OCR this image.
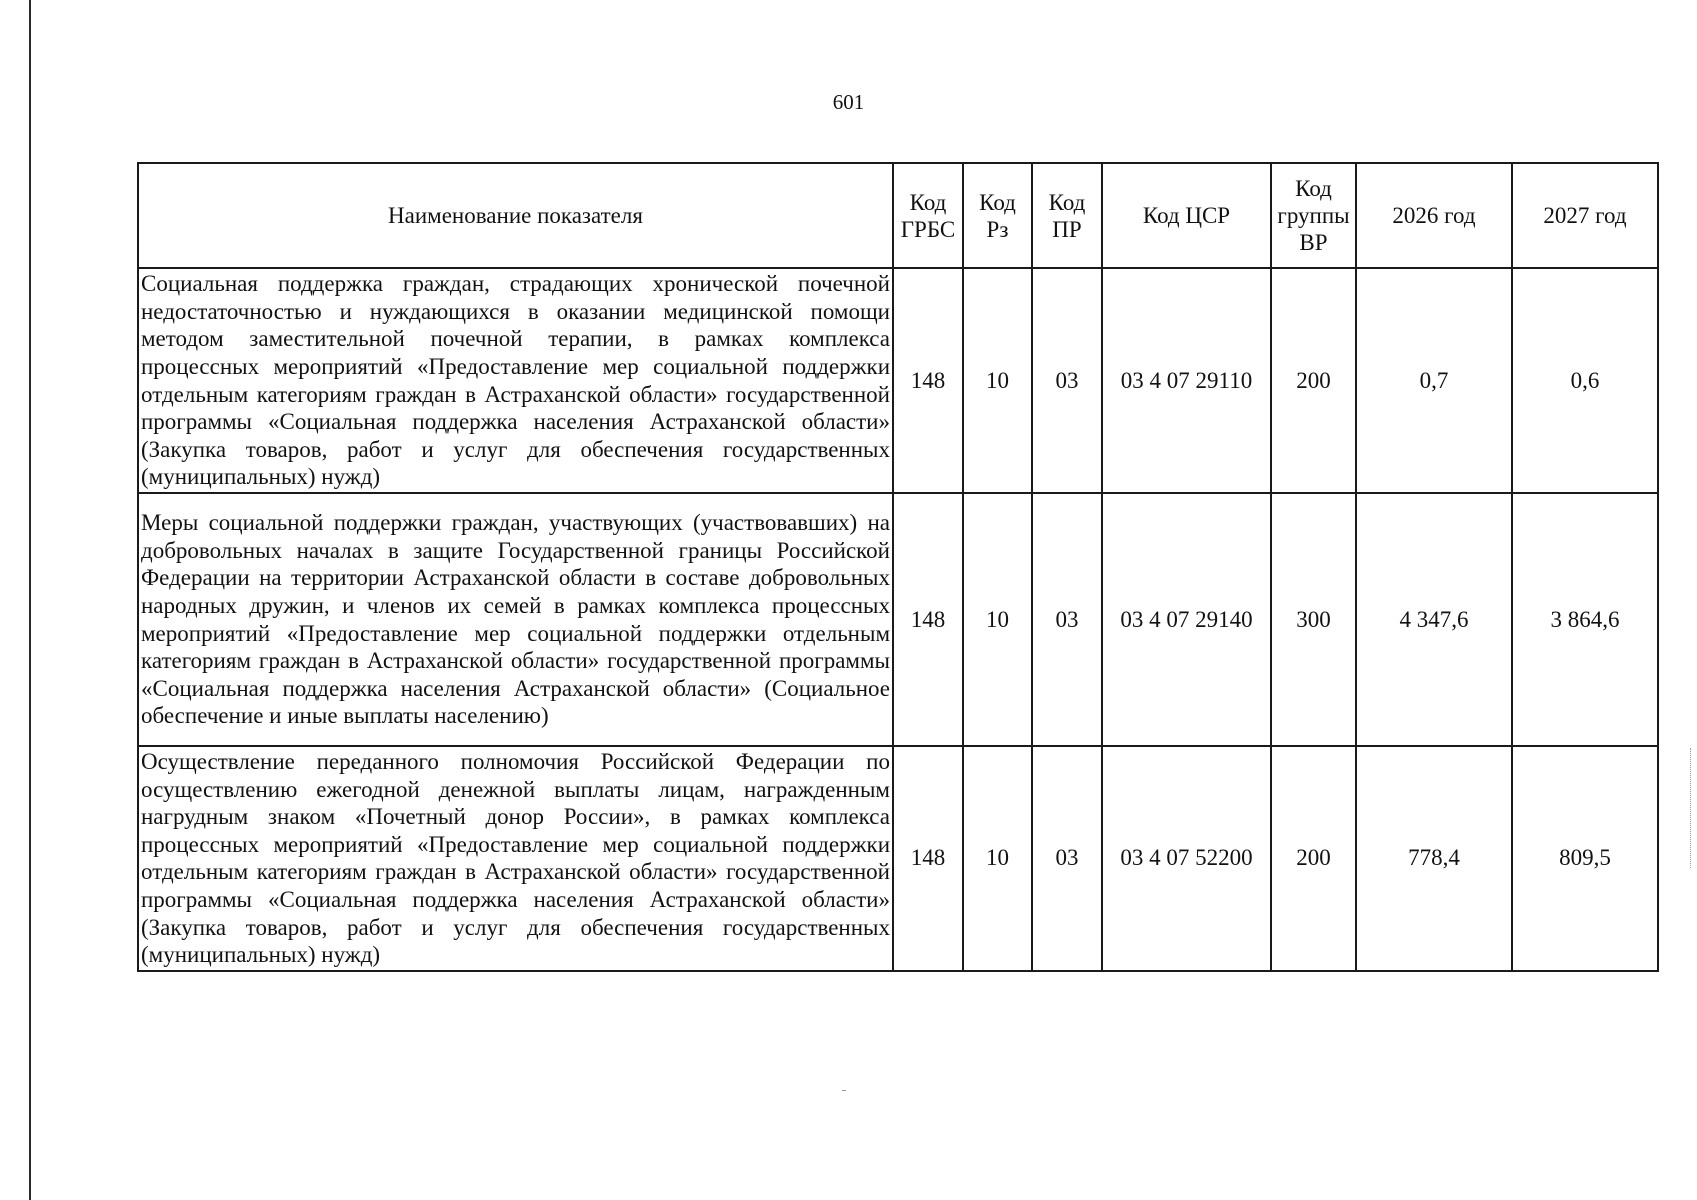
601
Наименование показателя	Код ГРБС	Код Рз	Код ПР	Код ЦСР	Код группы ВР	2026 год	2027 год
Социальная поддержка граждан, страдающих хронической почечной недостаточностью и нуждающихся в оказании медицинской помощи методом заместительной почечной терапии, в рамках комплекса процессных мероприятий «Предоставление мер социальной поддержки отдельным категориям граждан в Астраханской области» государственной программы «Социальная поддержка населения Астраханской области» (Закупка товаров, работ и услуг для обеспечения государственных (муниципальных) нужд)	148	10	03	03 4 07 29110	200	0,7	0,6
Меры социальной поддержки граждан, участвующих (участвовавших) на добровольных началах в защите Государственной границы Российской Федерации на территории Астраханской области в составе добровольных народных дружин, и членов их семей в рамках комплекса процессных мероприятий «Предоставление мер социальной поддержки отдельным категориям граждан в Астраханской области» государственной программы «Социальная поддержка населения Астраханской области» (Социальное обеспечение и иные выплаты населению)	148	10	03	03 4 07 29140	300	4 347,6	3 864,6
Осуществление переданного полномочия Российской Федерации по осуществлению ежегодной денежной выплаты лицам, награжденным нагрудным знаком «Почетный донор России», в рамках комплекса процессных мероприятий «Предоставление мер социальной поддержки отдельным категориям граждан в Астраханской области» государственной программы «Социальная поддержка населения Астраханской области» (Закупка товаров, работ и услуг для обеспечения государственных (муниципальных) нужд)	148	10	03	03 4 07 52200	200	778,4	809,5
